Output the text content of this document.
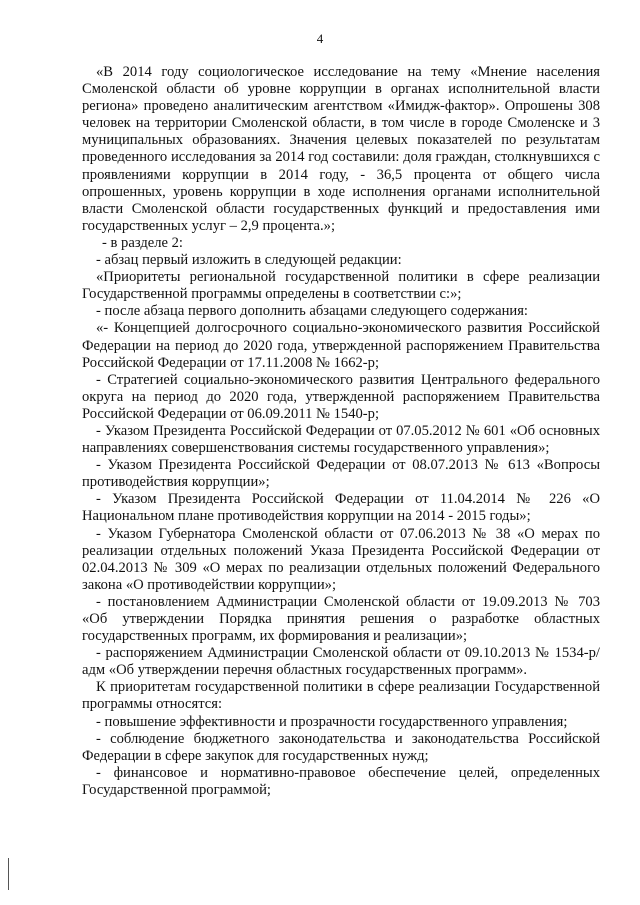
4

«В 2014 году социологическое исследование на тему «Мнение населения Смоленской области об уровне коррупции в органах исполнительной власти региона» проведено аналитическим агентством «Имидж-фактор». Опрошены 308 человек на территории Смоленской области, в том числе в городе Смоленске и 3 муниципальных образованиях. Значения целевых показателей по результатам проведенного исследования за 2014 год составили: доля граждан, столкнувшихся с проявлениями коррупции в 2014 году, - 36,5 процента от общего числа опрошенных, уровень коррупции в ходе исполнения органами исполнительной власти Смоленской области государственных функций и предоставления ими государственных услуг – 2,9 процента.»;

- в разделе 2:

- абзац первый изложить в следующей редакции:

«Приоритеты региональной государственной политики в сфере реализации Государственной программы определены в соответствии с:»;

- после абзаца первого дополнить абзацами следующего содержания:

«- Концепцией долгосрочного социально-экономического развития Российской Федерации на период до 2020 года, утвержденной распоряжением Правительства Российской Федерации от 17.11.2008 № 1662-р;

- Стратегией социально-экономического развития Центрального федерального округа на период до 2020 года, утвержденной распоряжением Правительства Российской Федерации от 06.09.2011 № 1540-р;

- Указом Президента Российской Федерации от 07.05.2012 № 601 «Об основных направлениях совершенствования системы государственного управления»;

- Указом Президента Российской Федерации от 08.07.2013 № 613 «Вопросы противодействия коррупции»;

- Указом Президента Российской Федерации от 11.04.2014 № 226 «О Национальном плане противодействия коррупции на 2014 - 2015 годы»;

- Указом Губернатора Смоленской области от 07.06.2013 № 38 «О мерах по реализации отдельных положений Указа Президента Российской Федерации от 02.04.2013 № 309 «О мерах по реализации отдельных положений Федерального закона «О противодействии коррупции»;

- постановлением Администрации Смоленской области от 19.09.2013 № 703 «Об утверждении Порядка принятия решения о разработке областных государственных программ, их формирования и реализации»;

- распоряжением Администрации Смоленской области от 09.10.2013 № 1534-р/адм «Об утверждении перечня областных государственных программ».

К приоритетам государственной политики в сфере реализации Государственной программы относятся:

- повышение эффективности и прозрачности государственного управления;

- соблюдение бюджетного законодательства и законодательства Российской Федерации в сфере закупок для государственных нужд;

- финансовое и нормативно-правовое обеспечение целей, определенных Государственной программой;
